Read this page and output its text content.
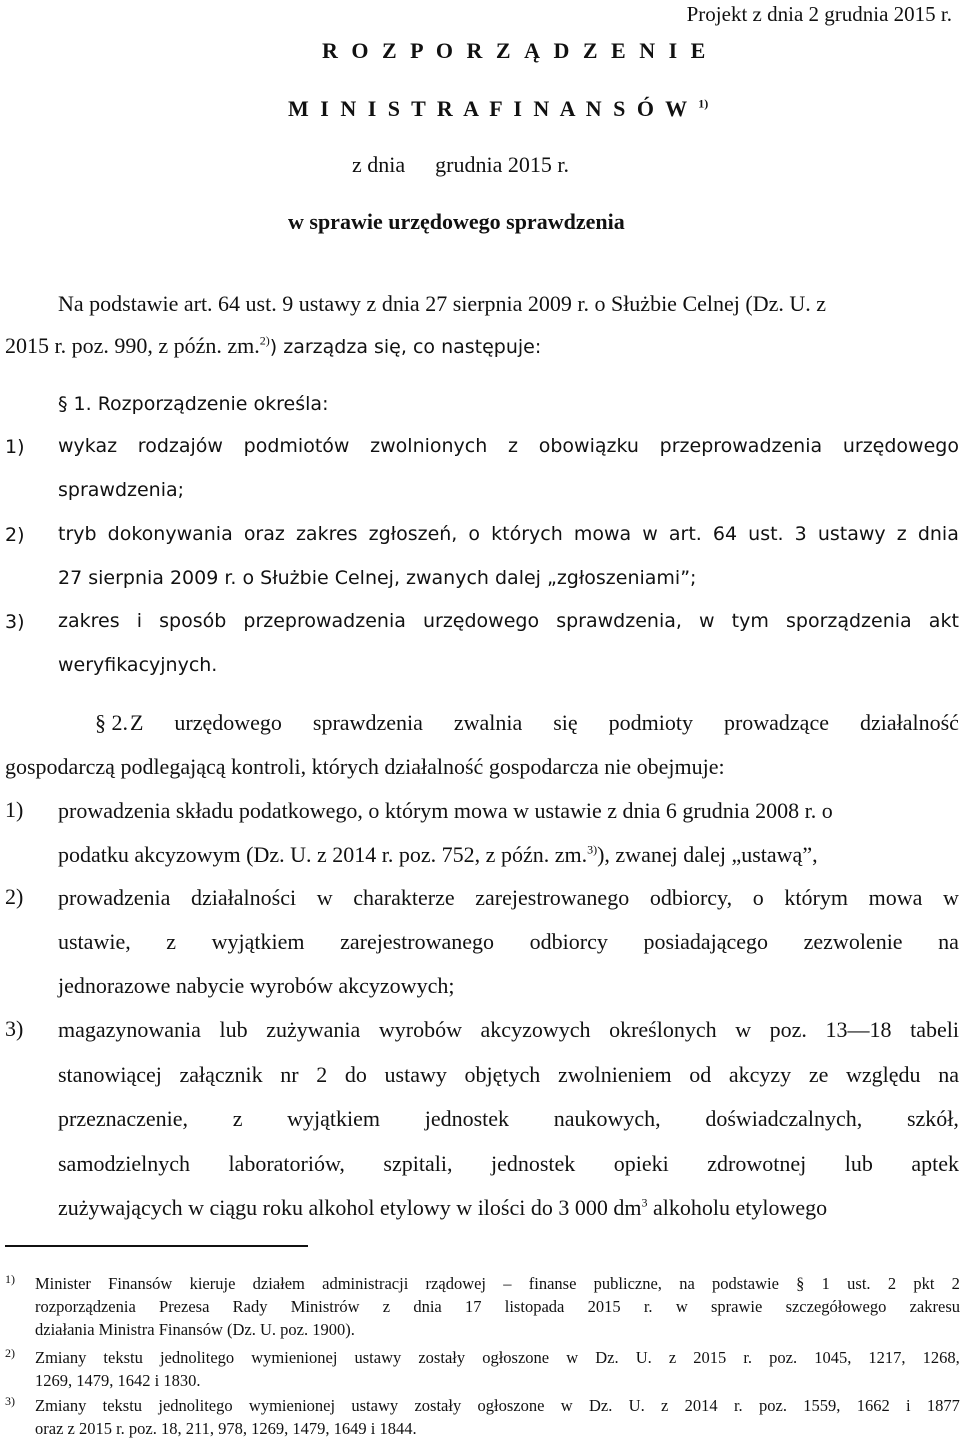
Projekt z dnia 2 grudnia 2015 r.
R O Z P O R Z Ą D Z E N I E
M I N I S T R A F I N A N S Ó W $^{1)}$
z dnia grudnia 2015 r.
w sprawie urzędowego sprawdzenia
Na podstawie art. 64 ust. 9 ustawy z dnia 27 sierpnia 2009 r. o Służbie Celnej (Dz. U. z
2015 r. poz. 990, z późn. zm.$^{2)}$) zarządza się, co następuje:
§ 1. Rozporządzenie określa:
1) wykaz rodzajów podmiotów zwolnionych z obowiązku przeprowadzenia urzędowego
sprawdzenia;
2) tryb dokonywania oraz zakres zgłoszeń, o których mowa w art. 64 ust. 3 ustawy z dnia
27 sierpnia 2009 r. o Służbie Celnej, zwanych dalej „zgłoszeniami”;
3) zakres i sposób przeprowadzenia urzędowego sprawdzenia, w tym sporządzenia akt
weryfikacyjnych.
§ 2. Z urzędowego sprawdzenia zwalnia się podmioty prowadzące działalność
gospodarczą podlegającą kontroli, których działalność gospodarcza nie obejmuje:
1) prowadzenia składu podatkowego, o którym mowa w ustawie z dnia 6 grudnia 2008 r. o
podatku akcyzowym (Dz. U. z 2014 r. poz. 752, z późn. zm.$^{3)}$), zwanej dalej „ustawą”,
2) prowadzenia działalności w charakterze zarejestrowanego odbiorcy, o którym mowa w
ustawie, z wyjątkiem zarejestrowanego odbiorcy posiadającego zezwolenie na
jednorazowe nabycie wyrobów akcyzowych;
3) magazynowania lub zużywania wyrobów akcyzowych określonych w poz. 13—18 tabeli
stanowiącej załącznik nr 2 do ustawy objętych zwolnieniem od akcyzy ze względu na
przeznaczenie, z wyjątkiem jednostek naukowych, doświadczalnych, szkół,
samodzielnych laboratoriów, szpitali, jednostek opieki zdrowotnej lub aptek
zużywających w ciągu roku alkohol etylowy w ilości do 3 000 $dm^3$ alkoholu etylowego
1) Minister Finansów kieruje działem administracji rządowej – finanse publiczne, na podstawie § 1 ust. 2 pkt 2
rozporządzenia Prezesa Rady Ministrów z dnia 17 listopada 2015 r. w sprawie szczegółowego zakresu
działania Ministra Finansów (Dz. U. poz. 1900).
2) Zmiany tekstu jednolitego wymienionej ustawy zostały ogłoszone w Dz. U. z 2015 r. poz. 1045, 1217, 1268,
1269, 1479, 1642 i 1830.
3) Zmiany tekstu jednolitego wymienionej ustawy zostały ogłoszone w Dz. U. z 2014 r. poz. 1559, 1662 i 1877
oraz z 2015 r. poz. 18, 211, 978, 1269, 1479, 1649 i 1844.
